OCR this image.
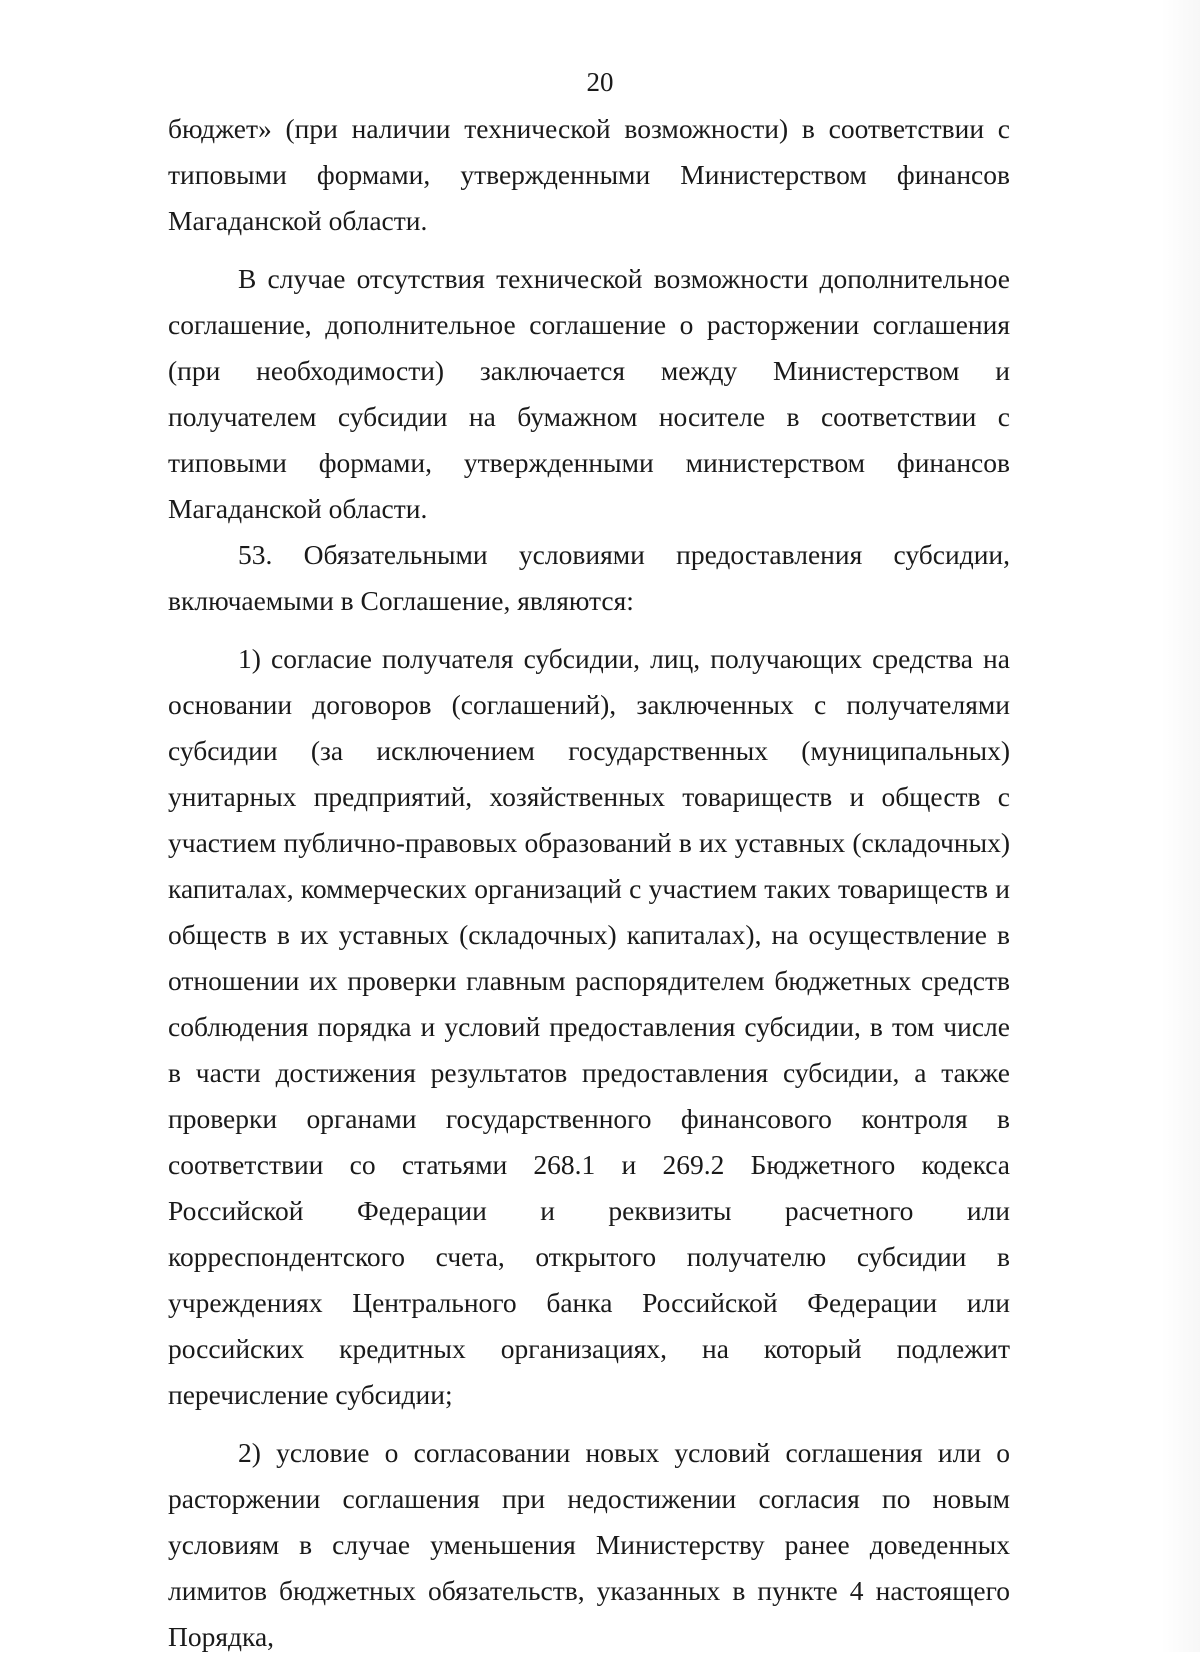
20

бюджет» (при наличии технической возможности) в соответствии с типовыми формами, утвержденными Министерством финансов Магаданской области.

В случае отсутствия технической возможности дополнительное соглашение, дополнительное соглашение о расторжении соглашения (при необходимости) заключается между Министерством и получателем субсидии на бумажном носителе в соответствии с типовыми формами, утвержденными министерством финансов Магаданской области.

53. Обязательными условиями предоставления субсидии, включаемыми в Соглашение, являются:

1) согласие получателя субсидии, лиц, получающих средства на основании договоров (соглашений), заключенных с получателями субсидии (за исключением государственных (муниципальных) унитарных предприятий, хозяйственных товариществ и обществ с участием публично-правовых образований в их уставных (складочных) капиталах, коммерческих организаций с участием таких товариществ и обществ в их уставных (складочных) капиталах), на осуществление в отношении их проверки главным распорядителем бюджетных средств соблюдения порядка и условий предоставления субсидии, в том числе в части достижения результатов предоставления субсидии, а также проверки органами государственного финансового контроля в соответствии со статьями 268.1 и 269.2 Бюджетного кодекса Российской Федерации и реквизиты расчетного или корреспондентского счета, открытого получателю субсидии в учреждениях Центрального банка Российской Федерации или российских кредитных организациях, на который подлежит перечисление субсидии;

2) условие о согласовании новых условий соглашения или о расторжении соглашения при недостижении согласия по новым условиям в случае уменьшения Министерству ранее доведенных лимитов бюджетных обязательств, указанных в пункте 4 настоящего Порядка,
